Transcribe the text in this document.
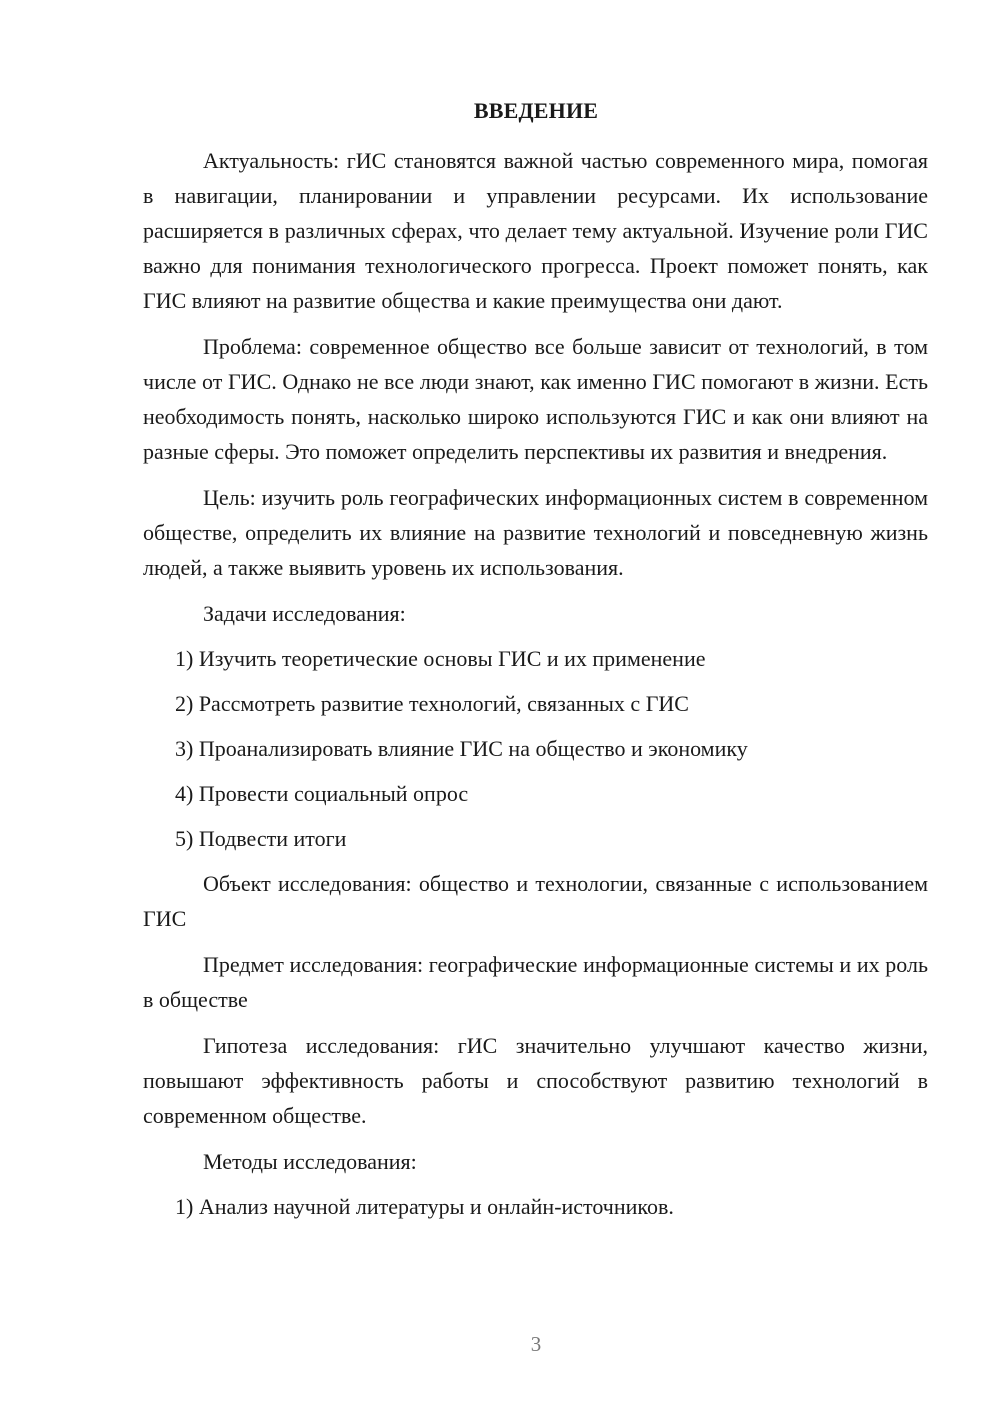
ВВЕДЕНИЕ

Актуальность: гИС становятся важной частью современного мира, помогая в навигации, планировании и управлении ресурсами. Их использование расширяется в различных сферах, что делает тему актуальной. Изучение роли ГИС важно для понимания технологического прогресса. Проект поможет понять, как ГИС влияют на развитие общества и какие преимущества они дают.

Проблема: современное общество все больше зависит от технологий, в том числе от ГИС. Однако не все люди знают, как именно ГИС помогают в жизни. Есть необходимость понять, насколько широко используются ГИС и как они влияют на разные сферы. Это поможет определить перспективы их развития и внедрения.

Цель: изучить роль географических информационных систем в современном обществе, определить их влияние на развитие технологий и повседневную жизнь людей, а также выявить уровень их использования.

Задачи исследования:

1) Изучить теоретические основы ГИС и их применение
2) Рассмотреть развитие технологий, связанных с ГИС
3) Проанализировать влияние ГИС на общество и экономику
4) Провести социальный опрос
5) Подвести итоги

Объект исследования: общество и технологии, связанные с использованием ГИС

Предмет исследования: географические информационные системы и их роль в обществе

Гипотеза исследования: гИС значительно улучшают качество жизни, повышают эффективность работы и способствуют развитию технологий в современном обществе.

Методы исследования:

1) Анализ научной литературы и онлайн-источников.
3
